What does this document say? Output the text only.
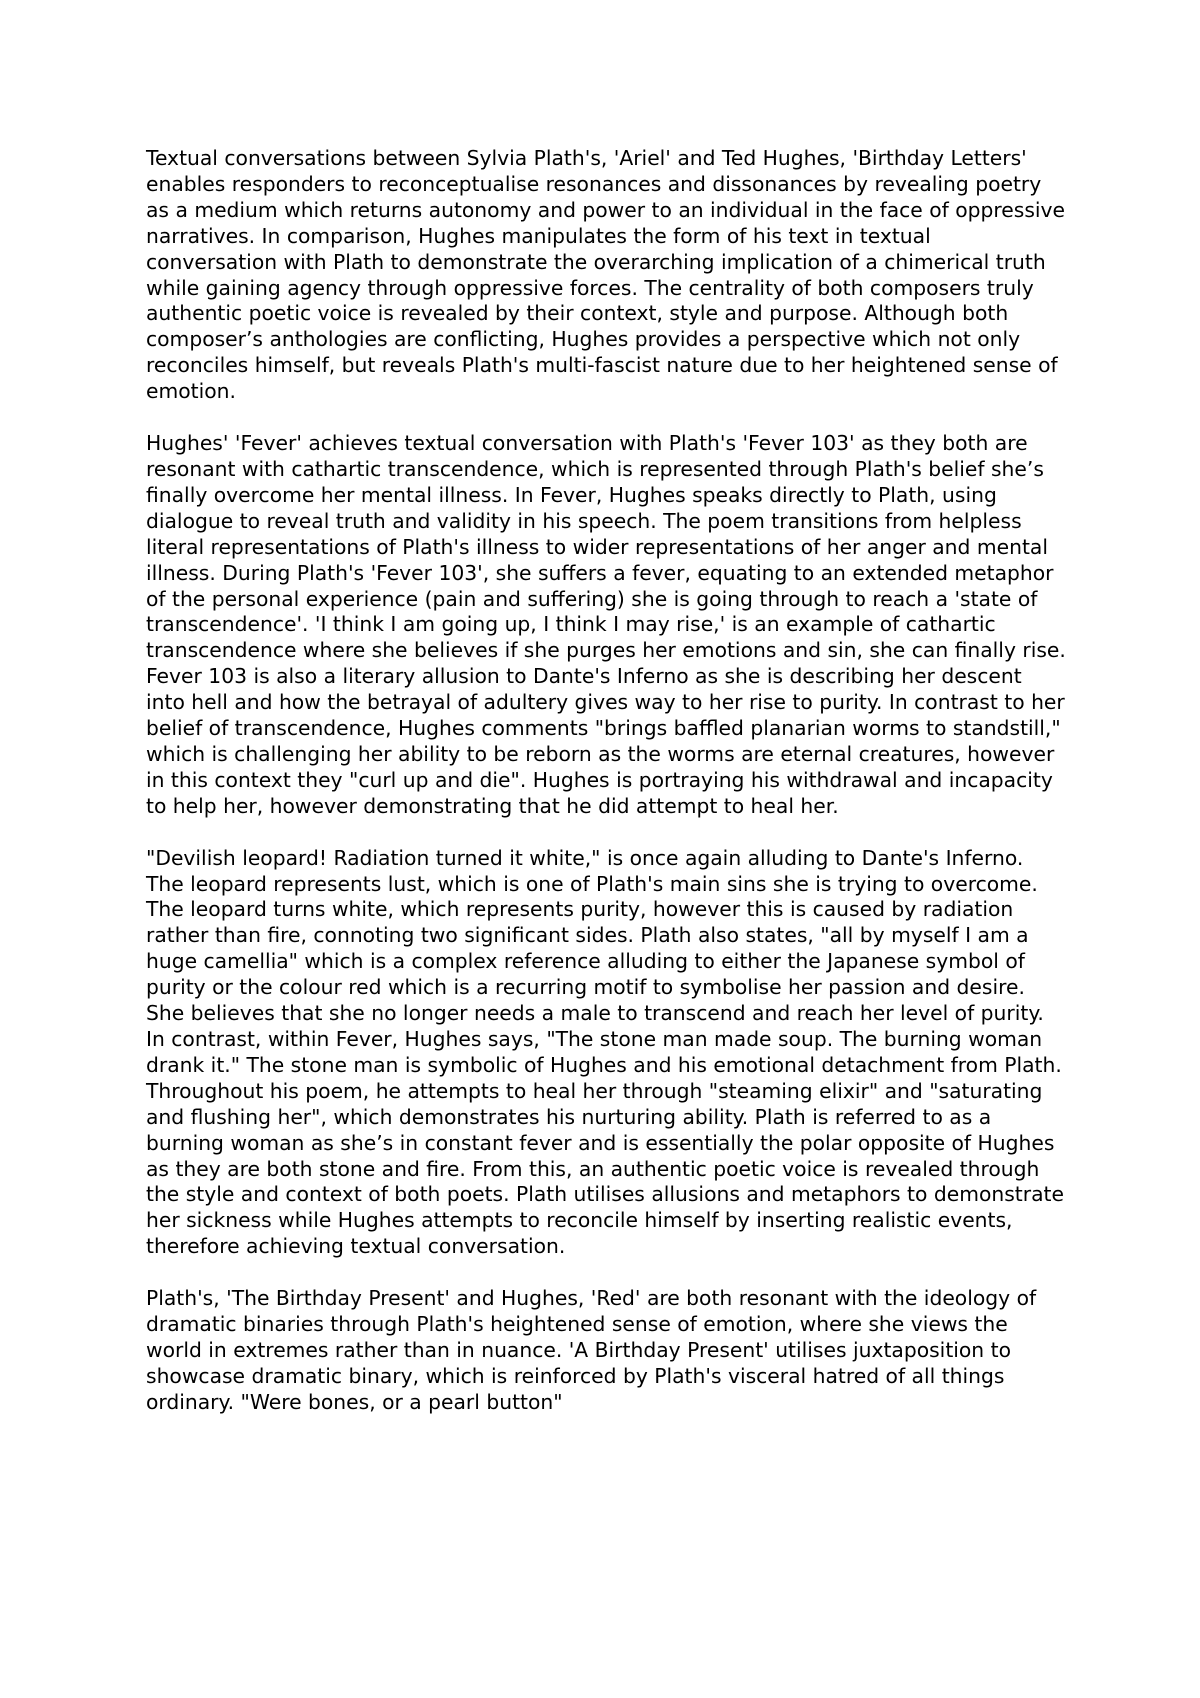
Textual conversations between Sylvia Plath's, 'Ariel' and Ted Hughes, 'Birthday Letters' enables responders to reconceptualise resonances and dissonances by revealing poetry as a medium which returns autonomy and power to an individual in the face of oppressive narratives. In comparison, Hughes manipulates the form of his text in textual conversation with Plath to demonstrate the overarching implication of a chimerical truth while gaining agency through oppressive forces. The centrality of both composers truly authentic poetic voice is revealed by their context, style and purpose. Although both composer’s anthologies are conflicting, Hughes provides a perspective which not only reconciles himself, but reveals Plath's multi-fascist nature due to her heightened sense of emotion.

Hughes' 'Fever' achieves textual conversation with Plath's 'Fever 103' as they both are resonant with cathartic transcendence, which is represented through Plath's belief she’s finally overcome her mental illness. In Fever, Hughes speaks directly to Plath, using dialogue to reveal truth and validity in his speech. The poem transitions from helpless literal representations of Plath's illness to wider representations of her anger and mental illness. During Plath's 'Fever 103', she suffers a fever, equating to an extended metaphor of the personal experience (pain and suffering) she is going through to reach a 'state of transcendence'. 'I think I am going up, I think I may rise,' is an example of cathartic transcendence where she believes if she purges her emotions and sin, she can finally rise. Fever 103 is also a literary allusion to Dante's Inferno as she is describing her descent into hell and how the betrayal of adultery gives way to her rise to purity. In contrast to her belief of transcendence, Hughes comments "brings baffled planarian worms to standstill," which is challenging her ability to be reborn as the worms are eternal creatures, however in this context they "curl up and die". Hughes is portraying his withdrawal and incapacity to help her, however demonstrating that he did attempt to heal her.

"Devilish leopard! Radiation turned it white," is once again alluding to Dante's Inferno. The leopard represents lust, which is one of Plath's main sins she is trying to overcome. The leopard turns white, which represents purity, however this is caused by radiation rather than fire, connoting two significant sides. Plath also states, "all by myself I am a huge camellia" which is a complex reference alluding to either the Japanese symbol of purity or the colour red which is a recurring motif to symbolise her passion and desire. She believes that she no longer needs a male to transcend and reach her level of purity. In contrast, within Fever, Hughes says, "The stone man made soup. The burning woman drank it." The stone man is symbolic of Hughes and his emotional detachment from Plath. Throughout his poem, he attempts to heal her through "steaming elixir" and "saturating and flushing her", which demonstrates his nurturing ability. Plath is referred to as a burning woman as she’s in constant fever and is essentially the polar opposite of Hughes as they are both stone and fire. From this, an authentic poetic voice is revealed through the style and context of both poets. Plath utilises allusions and metaphors to demonstrate her sickness while Hughes attempts to reconcile himself by inserting realistic events, therefore achieving textual conversation.

Plath's, 'The Birthday Present' and Hughes, 'Red' are both resonant with the ideology of dramatic binaries through Plath's heightened sense of emotion, where she views the world in extremes rather than in nuance. 'A Birthday Present' utilises juxtaposition to showcase dramatic binary, which is reinforced by Plath's visceral hatred of all things ordinary. "Were bones, or a pearl button"
